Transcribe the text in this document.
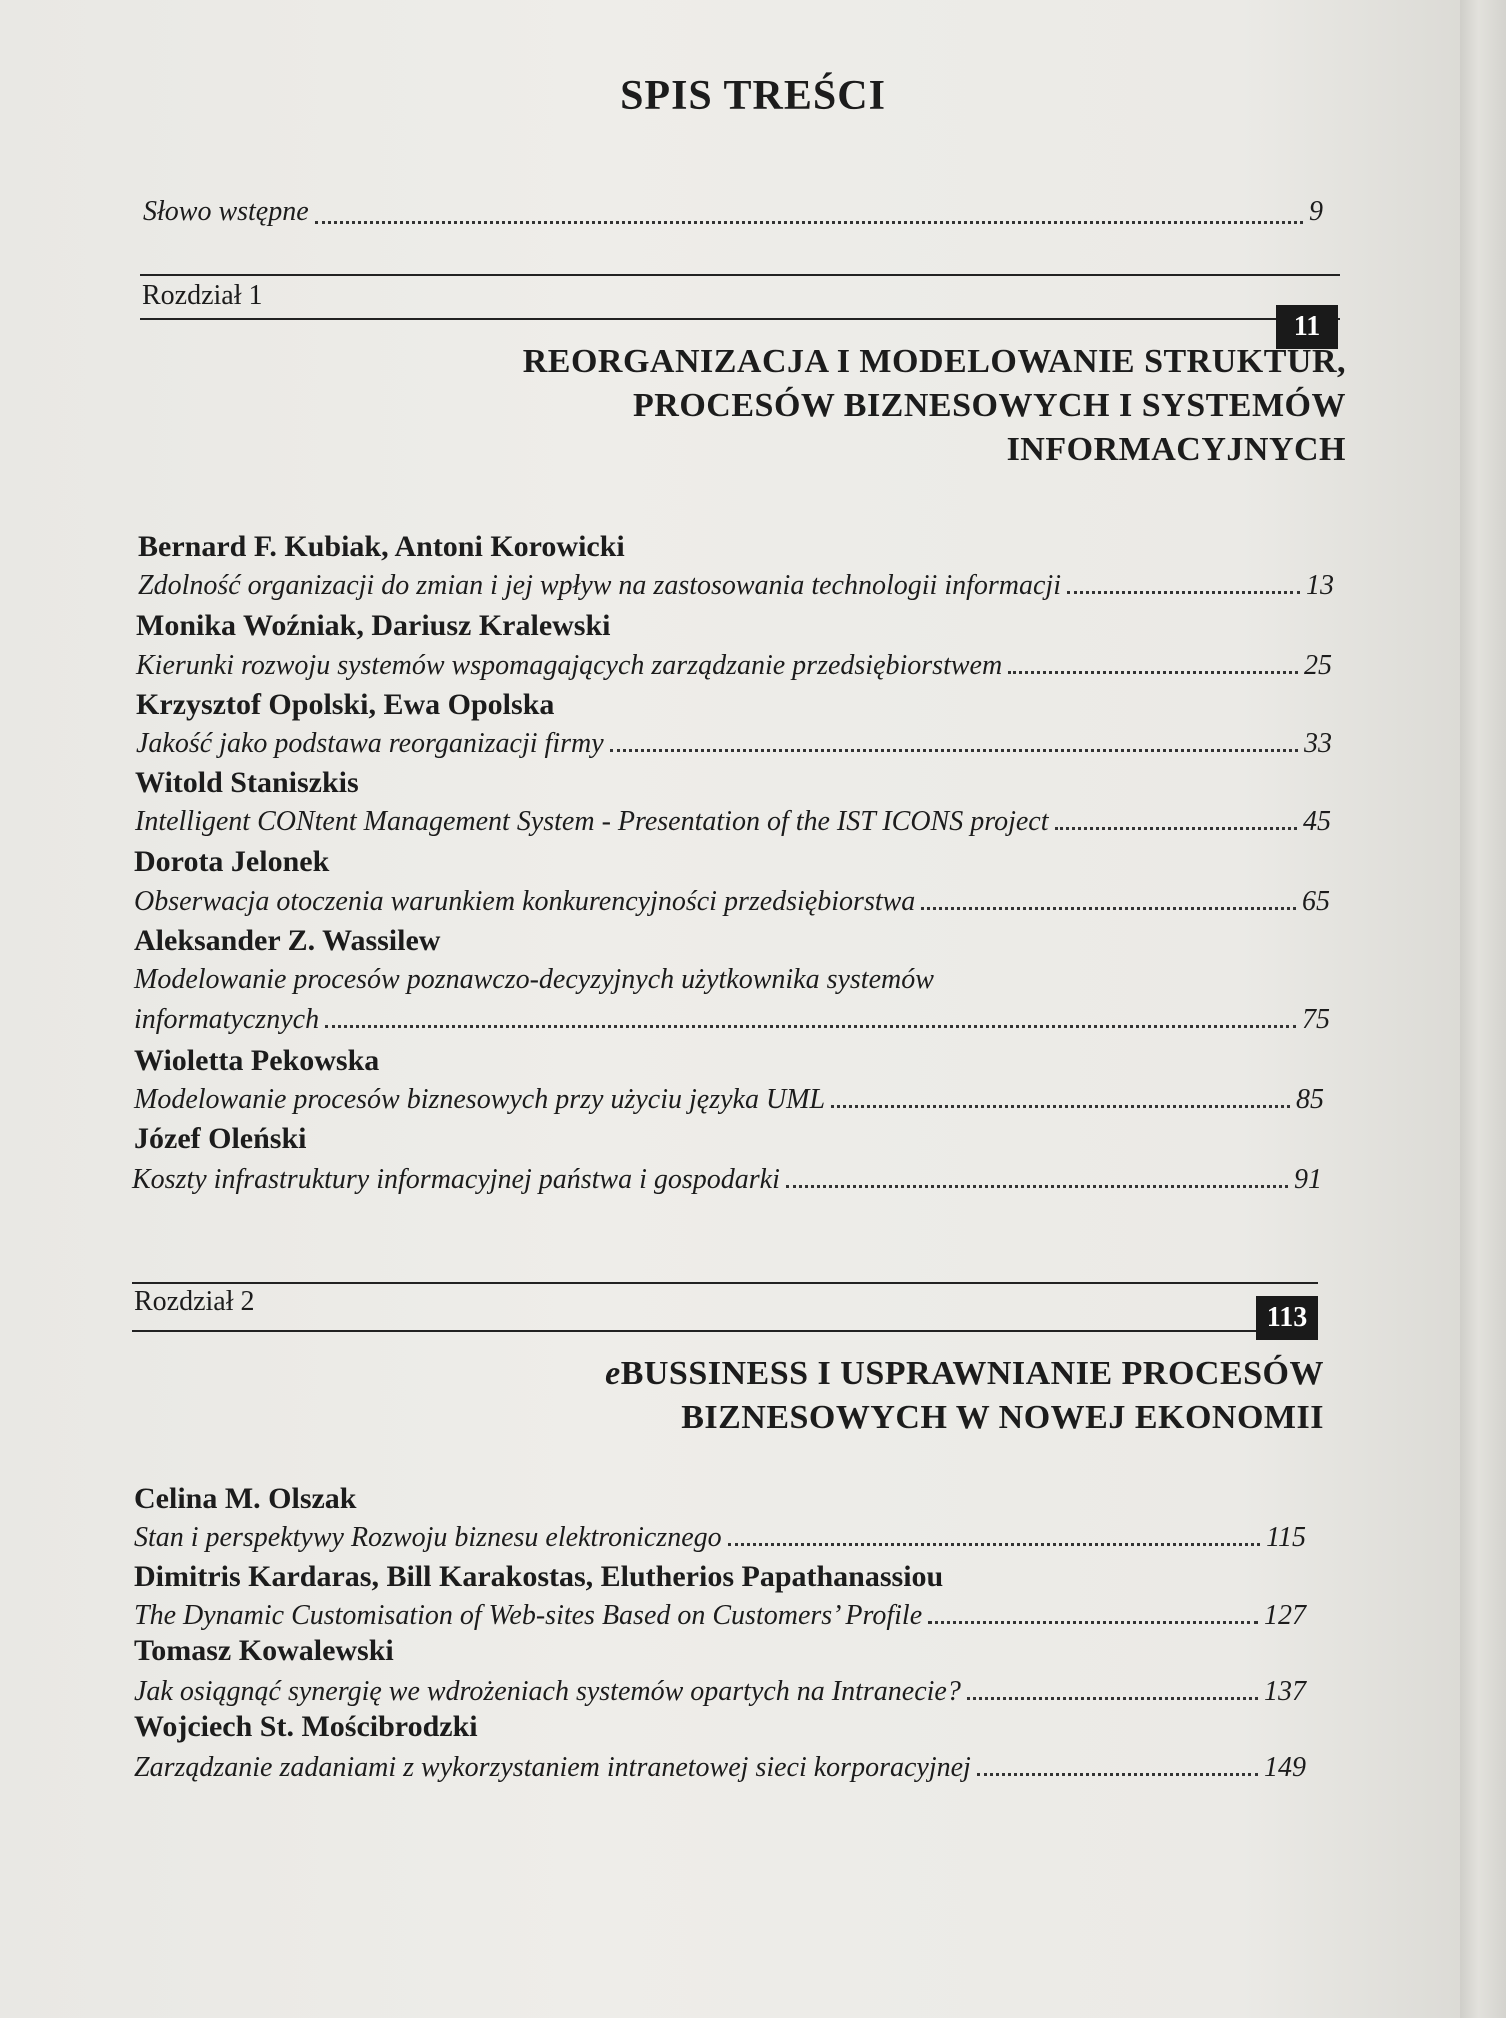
SPIS TREŚCI
Słowo wstępne	9
Rozdział 1
11
REORGANIZACJA I MODELOWANIE STRUKTUR,
PROCESÓW BIZNESOWYCH I SYSTEMÓW
INFORMACYJNYCH
Bernard F. Kubiak, Antoni Korowicki
Zdolność organizacji do zmian i jej wpływ na zastosowania technologii informacji	13
Monika Woźniak, Dariusz Kralewski
Kierunki rozwoju systemów wspomagających zarządzanie przedsiębiorstwem	25
Krzysztof Opolski, Ewa Opolska
Jakość jako podstawa reorganizacji firmy	33
Witold Staniszkis
Intelligent CONtent Management System - Presentation of the IST ICONS project	45
Dorota Jelonek
Obserwacja otoczenia warunkiem konkurencyjności przedsiębiorstwa	65
Aleksander Z. Wassilew
Modelowanie procesów poznawczo-decyzyjnych użytkownika systemów
informatycznych	75
Wioletta Pekowska
Modelowanie procesów biznesowych przy użyciu języka UML	85
Józef Oleński
Koszty infrastruktury informacyjnej państwa i gospodarki	91
Rozdział 2
113
eBUSSINESS I USPRAWNIANIE PROCESÓW
BIZNESOWYCH W NOWEJ EKONOMII
Celina M. Olszak
Stan i perspektywy Rozwoju biznesu elektronicznego	115
Dimitris Kardaras, Bill Karakostas, Elutherios Papathanassiou
The Dynamic Customisation of Web-sites Based on Customers’ Profile	127
Tomasz Kowalewski
Jak osiągnąć synergię we wdrożeniach systemów opartych na Intranecie?	137
Wojciech St. Mościbrodzki
Zarządzanie zadaniami z wykorzystaniem intranetowej sieci korporacyjnej	149
